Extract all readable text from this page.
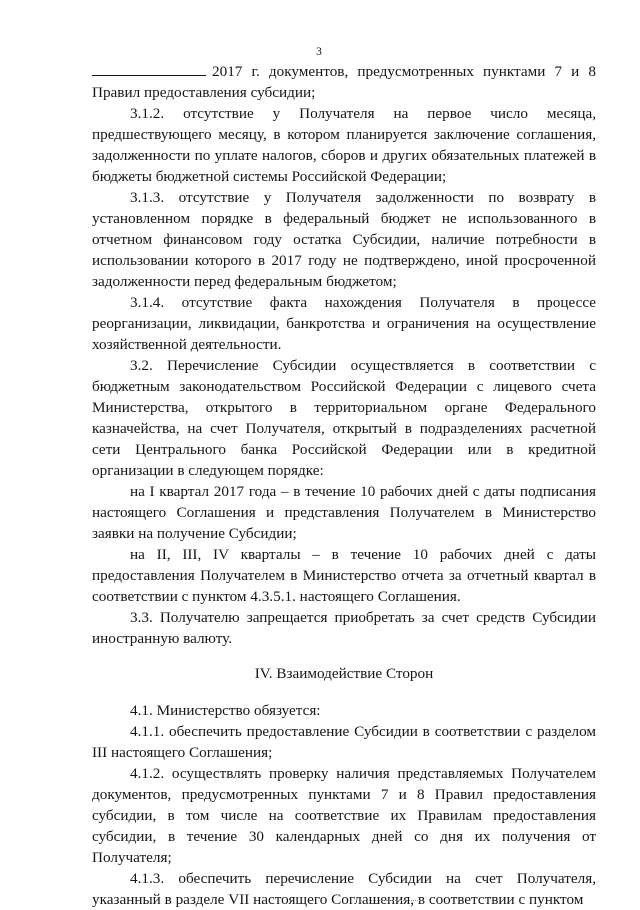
3

2017 г. документов, предусмотренных пунктами 7 и 8 Правил предоставления субсидии;

3.1.2. отсутствие у Получателя на первое число месяца, предшествующего месяцу, в котором планируется заключение соглашения, задолженности по уплате налогов, сборов и других обязательных платежей в бюджеты бюджетной системы Российской Федерации;

3.1.3. отсутствие у Получателя задолженности по возврату в установленном порядке в федеральный бюджет не использованного в отчетном финансовом году остатка Субсидии, наличие потребности в использовании которого в 2017 году не подтверждено, иной просроченной задолженности перед федеральным бюджетом;

3.1.4. отсутствие факта нахождения Получателя в процессе реорганизации, ликвидации, банкротства и ограничения на осуществление хозяйственной деятельности.

3.2. Перечисление Субсидии осуществляется в соответствии с бюджетным законодательством Российской Федерации с лицевого счета Министерства, открытого в территориальном органе Федерального казначейства, на счет Получателя, открытый в подразделениях расчетной сети Центрального банка Российской Федерации или в кредитной организации в следующем порядке:

на I квартал 2017 года – в течение 10 рабочих дней с даты подписания настоящего Соглашения и представления Получателем в Министерство заявки на получение Субсидии;

на II, III, IV кварталы – в течение 10 рабочих дней с даты предоставления Получателем в Министерство отчета за отчетный квартал в соответствии с пунктом 4.3.5.1. настоящего Соглашения.

3.3. Получателю запрещается приобретать за счет средств Субсидии иностранную валюту.

IV. Взаимодействие Сторон

4.1. Министерство обязуется:

4.1.1. обеспечить предоставление Субсидии в соответствии с разделом III настоящего Соглашения;

4.1.2. осуществлять проверку наличия представляемых Получателем документов, предусмотренных пунктами 7 и 8 Правил предоставления субсидии, в том числе на соответствие их Правилам предоставления субсидии, в течение 30 календарных дней со дня их получения от Получателя;

4.1.3. обеспечить перечисление Субсидии на счет Получателя, указанный в разделе VII настоящего Соглашения, в соответствии с пунктом
